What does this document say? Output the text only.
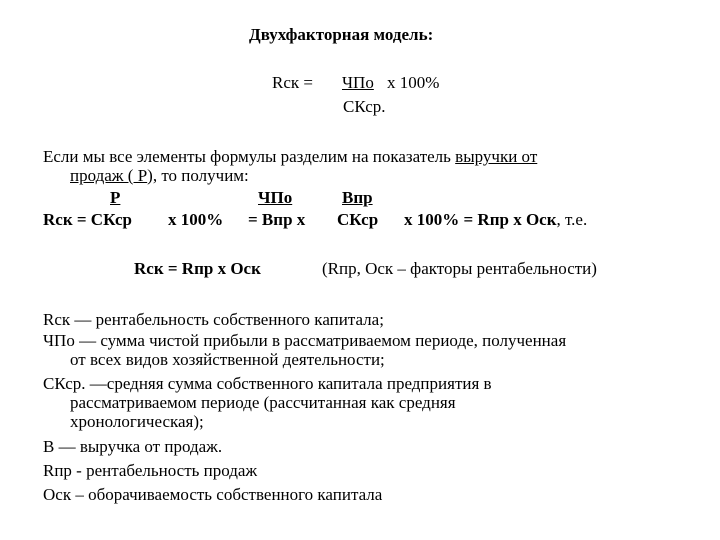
Двухфакторная модель:
Rск = ЧПо х 100%
СКср.
Если мы все элементы формулы разделим на показатель выручки от
продаж ( Р), то получим:
Р	ЧПо	Впр
Rск = СКср х 100% = Впр х СКср х 100% = Rпр х Оск, т.е.
Rск = Rпр х Оск	(Rпр, Оск – факторы рентабельности)
Rск — рентабельность собственного капитала;
ЧПо — сумма чистой прибыли в рассматриваемом периоде, полученная
от всех видов хозяйственной деятельности;
СКср. —средняя сумма собственного капитала предприятия в
рассматриваемом периоде (рассчитанная как средняя
хронологическая);
В — выручка от продаж.
Rпр - рентабельность продаж
Оск – оборачиваемость собственного капитала
